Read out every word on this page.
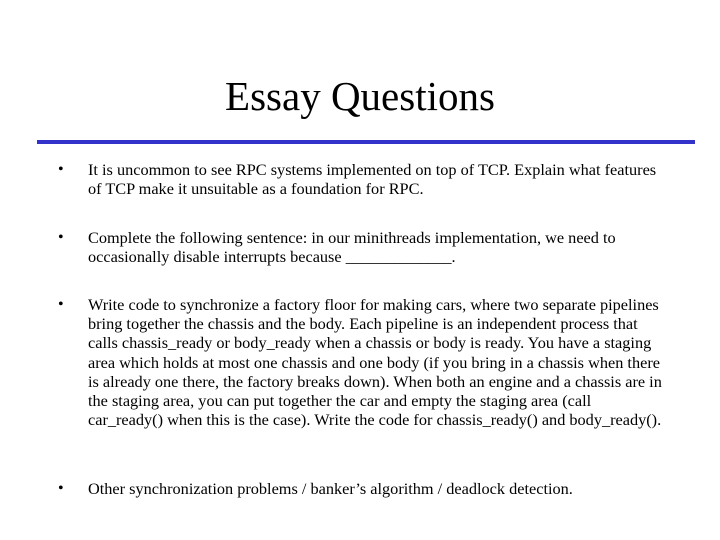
Essay Questions
•	It is uncommon to see RPC systems implemented on top of TCP. Explain what features of TCP make it unsuitable as a foundation for RPC.

•	Complete the following sentence: in our minithreads implementation, we need to occasionally disable interrupts because _____________.

•	Write code to synchronize a factory floor for making cars, where two separate pipelines bring together the chassis and the body. Each pipeline is an independent process that calls chassis_ready or body_ready when a chassis or body is ready. You have a staging area which holds at most one chassis and one body (if you bring in a chassis when there is already one there, the factory breaks down). When both an engine and a chassis are in the staging area, you can put together the car and empty the staging area (call car_ready() when this is the case). Write the code for chassis_ready() and body_ready().

•	Other synchronization problems / banker’s algorithm / deadlock detection.
